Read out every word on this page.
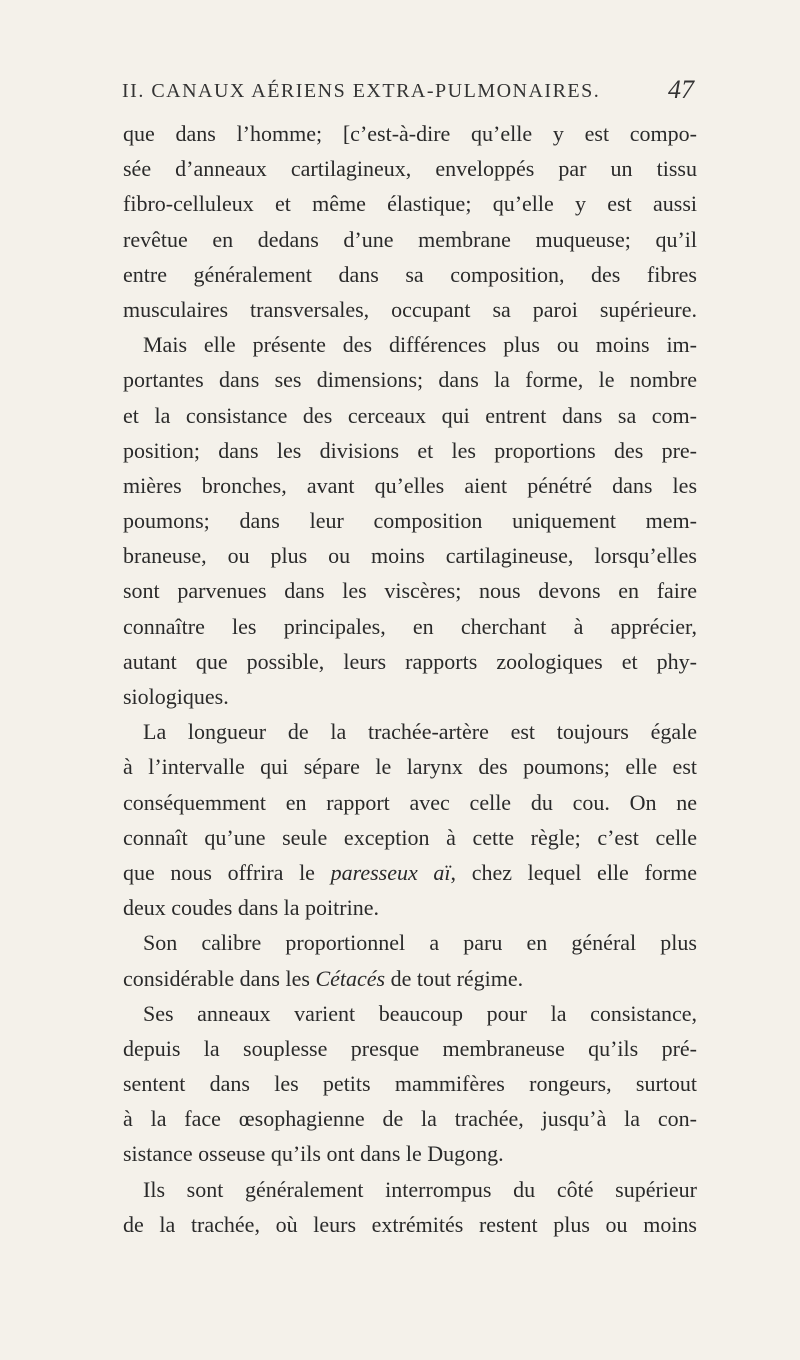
II. CANAUX AÉRIENS EXTRA-PULMONAIRES.	47
que dans l’homme; [c’est-à-dire qu’elle y est compo-
sée d’anneaux cartilagineux, enveloppés par un tissu
fibro-celluleux et même élastique; qu’elle y est aussi
revêtue en dedans d’une membrane muqueuse; qu’il
entre généralement dans sa composition, des fibres
musculaires transversales, occupant sa paroi supérieure.
Mais elle présente des différences plus ou moins im-
portantes dans ses dimensions; dans la forme, le nombre
et la consistance des cerceaux qui entrent dans sa com-
position; dans les divisions et les proportions des pre-
mières bronches, avant qu’elles aient pénétré dans les
poumons; dans leur composition uniquement mem-
braneuse, ou plus ou moins cartilagineuse, lorsqu’elles
sont parvenues dans les viscères; nous devons en faire
connaître les principales, en cherchant à apprécier,
autant que possible, leurs rapports zoologiques et phy-
siologiques.
La longueur de la trachée-artère est toujours égale
à l’intervalle qui sépare le larynx des poumons; elle est
conséquemment en rapport avec celle du cou. On ne
connaît qu’une seule exception à cette règle; c’est celle
que nous offrira le paresseux aï, chez lequel elle forme
deux coudes dans la poitrine.
Son calibre proportionnel a paru en général plus
considérable dans les Cétacés de tout régime.
Ses anneaux varient beaucoup pour la consistance,
depuis la souplesse presque membraneuse qu’ils pré-
sentent dans les petits mammifères rongeurs, surtout
à la face œsophagienne de la trachée, jusqu’à la con-
sistance osseuse qu’ils ont dans le Dugong.
Ils sont généralement interrompus du côté supérieur
de la trachée, où leurs extrémités restent plus ou moins
